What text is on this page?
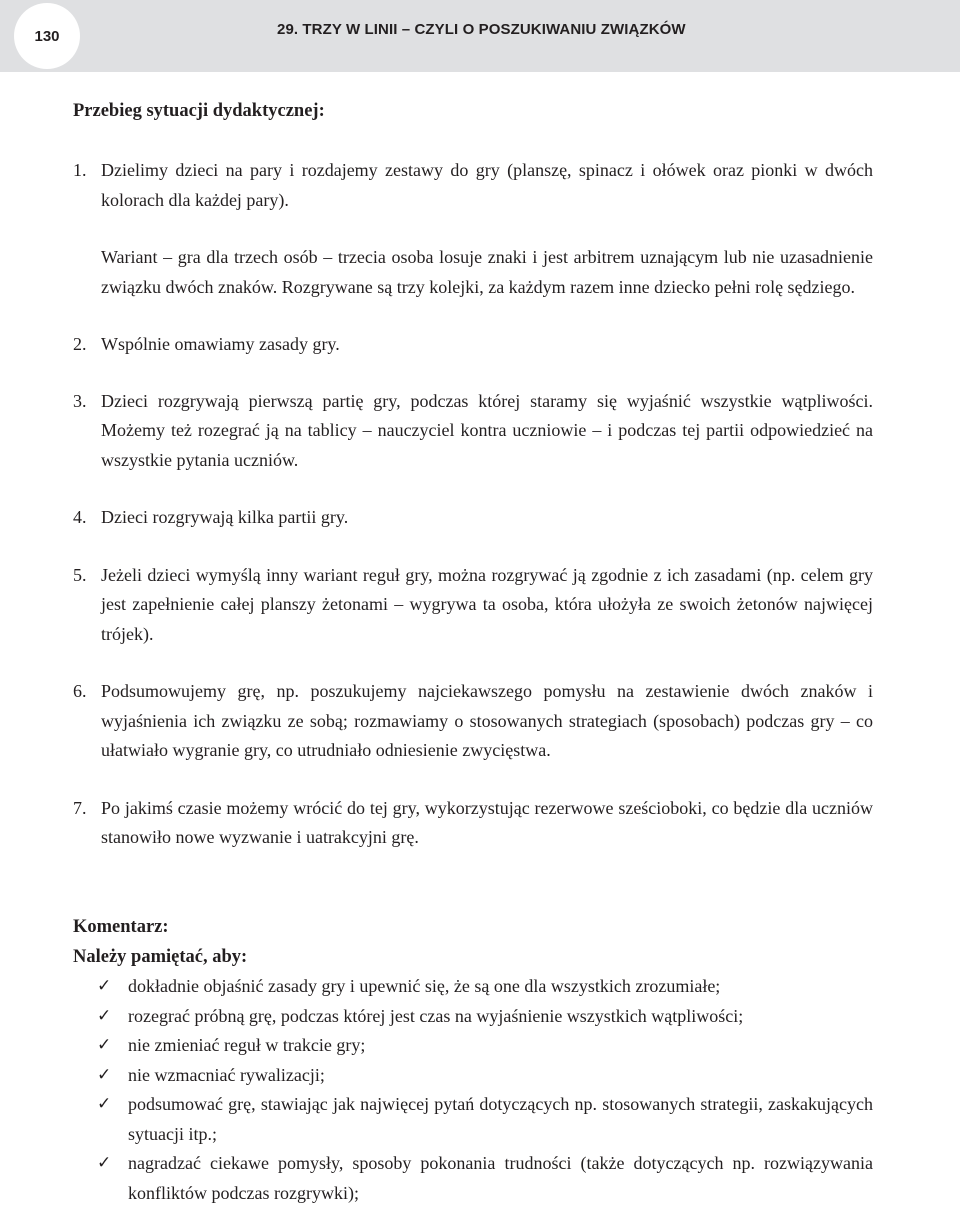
130	29. TRZY W LINII – CZYLI O POSZUKIWANIU ZWIĄZKÓW
Przebieg sytuacji dydaktycznej:
1. Dzielimy dzieci na pary i rozdajemy zestawy do gry (planszę, spinacz i ołówek oraz pionki w dwóch kolorach dla każdej pary).

Wariant – gra dla trzech osób – trzecia osoba losuje znaki i jest arbitrem uznającym lub nie uzasadnienie związku dwóch znaków. Rozgrywane są trzy kolejki, za każdym razem inne dziecko pełni rolę sędziego.

2. Wspólnie omawiamy zasady gry.

3. Dzieci rozgrywają pierwszą partię gry, podczas której staramy się wyjaśnić wszystkie wątpliwości. Możemy też rozegrać ją na tablicy – nauczyciel kontra uczniowie – i podczas tej partii odpowiedzieć na wszystkie pytania uczniów.

4. Dzieci rozgrywają kilka partii gry.

5. Jeżeli dzieci wymyślą inny wariant reguł gry, można rozgrywać ją zgodnie z ich zasadami (np. celem gry jest zapełnienie całej planszy żetonami – wygrywa ta osoba, która ułożyła ze swoich żetonów najwięcej trójek).

6. Podsumowujemy grę, np. poszukujemy najciekawszego pomysłu na zestawienie dwóch znaków i wyjaśnienia ich związku ze sobą; rozmawiamy o stosowanych strategiach (sposobach) podczas gry – co ułatwiało wygranie gry, co utrudniało odniesienie zwycięstwa.

7. Po jakimś czasie możemy wrócić do tej gry, wykorzystując rezerwowe sześcioboki, co będzie dla uczniów stanowiło nowe wyzwanie i uatrakcyjni grę.

Komentarz:
Należy pamiętać, aby:
✓ dokładnie objaśnić zasady gry i upewnić się, że są one dla wszystkich zrozumiałe;
✓ rozegrać próbną grę, podczas której jest czas na wyjaśnienie wszystkich wątpliwości;
✓ nie zmieniać reguł w trakcie gry;
✓ nie wzmacniać rywalizacji;
✓ podsumować grę, stawiając jak najwięcej pytań dotyczących np. stosowanych strategii, zaskakujących sytuacji itp.;
✓ nagradzać ciekawe pomysły, sposoby pokonania trudności (także dotyczących np. rozwiązywania konfliktów podczas rozgrywki);
